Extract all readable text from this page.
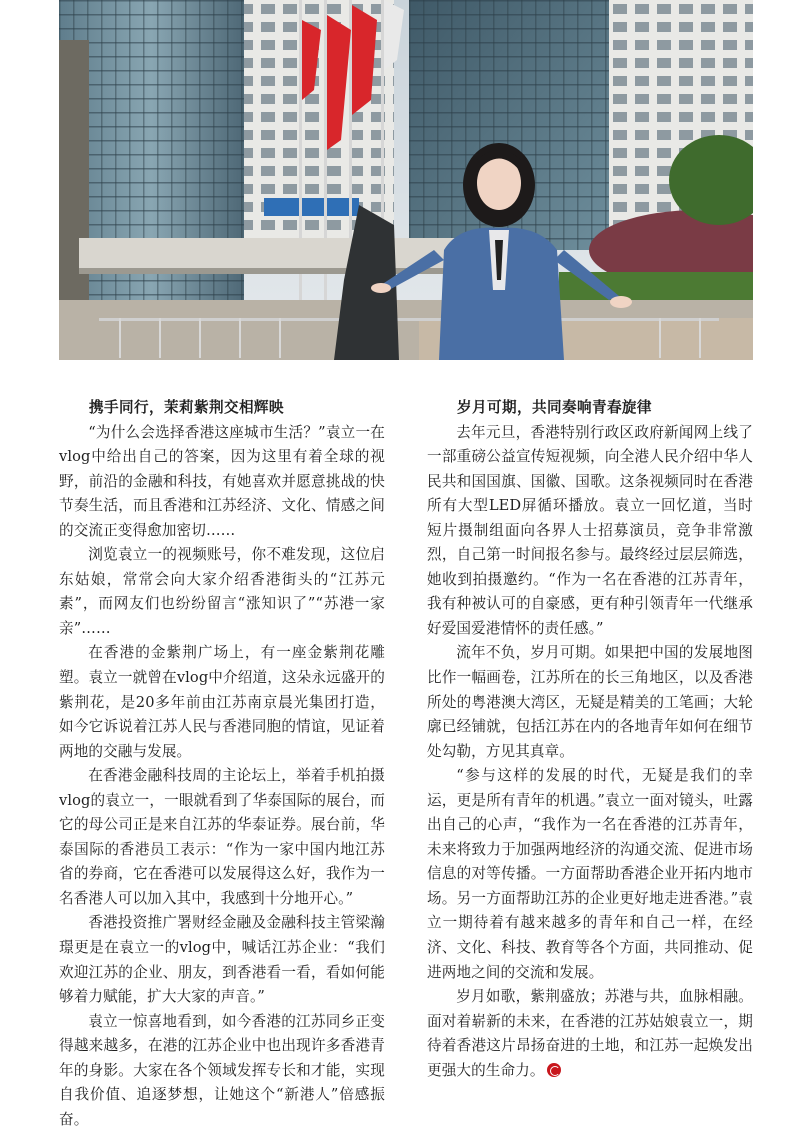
携手同行，茉莉紫荆交相辉映

“为什么会选择香港这座城市生活？”袁立一在vlog中给出自己的答案，因为这里有着全球的视野，前沿的金融和科技，有她喜欢并愿意挑战的快节奏生活，而且香港和江苏经济、文化、情感之间的交流正变得愈加密切……

浏览袁立一的视频账号，你不难发现，这位启东姑娘，常常会向大家介绍香港街头的“江苏元素”，而网友们也纷纷留言“涨知识了”“苏港一家亲”……

在香港的金紫荆广场上，有一座金紫荆花雕塑。袁立一就曾在vlog中介绍道，这朵永远盛开的紫荆花，是20多年前由江苏南京晨光集团打造，如今它诉说着江苏人民与香港同胞的情谊，见证着两地的交融与发展。

在香港金融科技周的主论坛上，举着手机拍摄vlog的袁立一，一眼就看到了华泰国际的展台，而它的母公司正是来自江苏的华泰证券。展台前，华泰国际的香港员工表示：“作为一家中国内地江苏省的券商，它在香港可以发展得这么好，我作为一名香港人可以加入其中，我感到十分地开心。”

香港投资推广署财经金融及金融科技主管梁瀚璟更是在袁立一的vlog中，喊话江苏企业：“我们欢迎江苏的企业、朋友，到香港看一看，看如何能够着力赋能，扩大大家的声音。”

袁立一惊喜地看到，如今香港的江苏同乡正变得越来越多，在港的江苏企业中也出现许多香港青年的身影。大家在各个领域发挥专长和才能，实现自我价值、追逐梦想，让她这个“新港人”倍感振奋。

岁月可期，共同奏响青春旋律

去年元旦，香港特别行政区政府新闻网上线了一部重磅公益宣传短视频，向全港人民介绍中华人民共和国国旗、国徽、国歌。这条视频同时在香港所有大型LED屏循环播放。袁立一回忆道，当时短片摄制组面向各界人士招募演员，竞争非常激烈，自己第一时间报名参与。最终经过层层筛选，她收到拍摄邀约。“作为一名在香港的江苏青年，我有种被认可的自豪感，更有种引领青年一代继承好爱国爱港情怀的责任感。”

流年不负，岁月可期。如果把中国的发展地图比作一幅画卷，江苏所在的长三角地区，以及香港所处的粤港澳大湾区，无疑是精美的工笔画；大轮廓已经铺就，包括江苏在内的各地青年如何在细节处勾勒，方见其真章。

“参与这样的发展的时代，无疑是我们的幸运，更是所有青年的机遇。”袁立一面对镜头，吐露出自己的心声，“我作为一名在香港的江苏青年，未来将致力于加强两地经济的沟通交流、促进市场信息的对等传播。一方面帮助香港企业开拓内地市场。另一方面帮助江苏的企业更好地走进香港。”袁立一期待着有越来越多的青年和自己一样，在经济、文化、科技、教育等各个方面，共同推动、促进两地之间的交流和发展。

岁月如歌，紫荆盛放；苏港与共，血脉相融。面对着崭新的未来，在香港的江苏姑娘袁立一，期待着香港这片昂扬奋进的土地，和江苏一起焕发出更强大的生命力。
